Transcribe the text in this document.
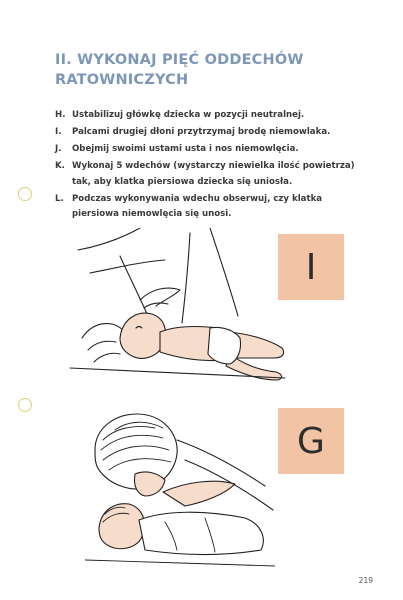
II. WYKONAJ PIĘĆ ODDECHÓW
RATOWNICZYCH
H. Ustabilizuj główkę dziecka w pozycji neutralnej.
I.	Palcami drugiej dłoni przytrzymaj brodę niemowlaka.
J.	Obejmij swoimi ustami usta i nos niemowlęcia.
K. Wykonaj 5 wdechów (wystarczy niewielka ilość powietrza) tak, aby klatka piersiowa dziecka się uniosła.
L. Podczas wykonywania wdechu obserwuj, czy klatka piersiowa niemowlęcia się unosi.
I
G
219
